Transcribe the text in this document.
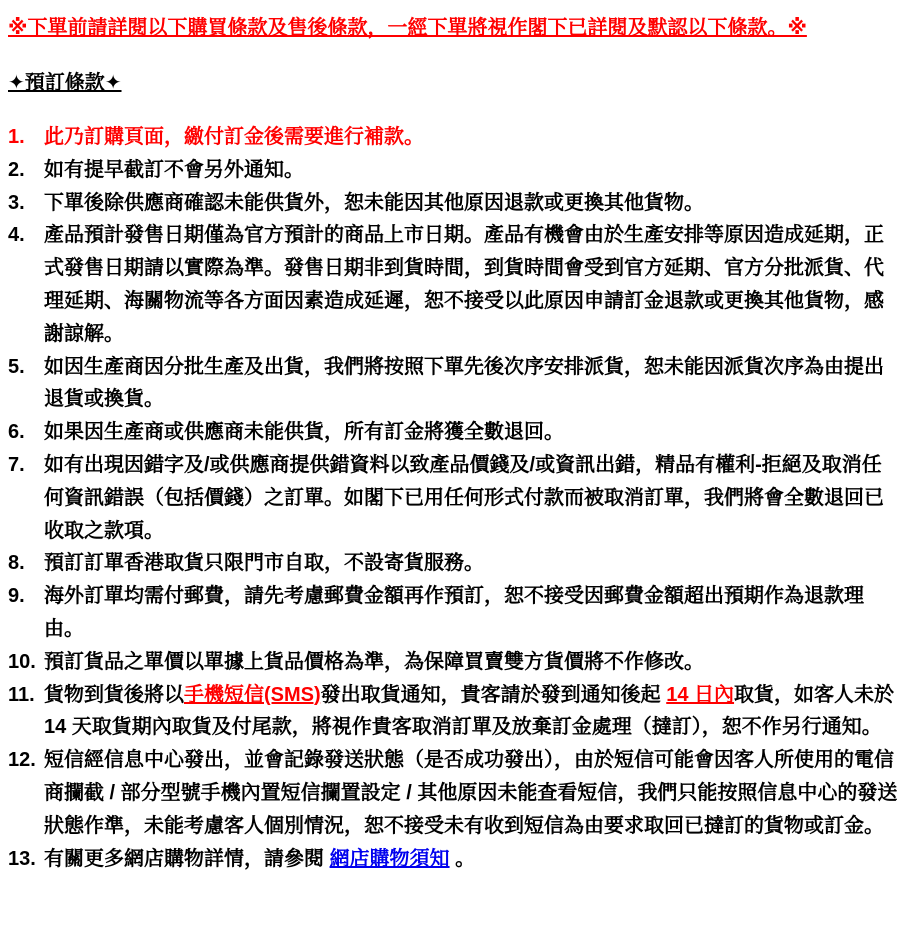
※下單前請詳閱以下購買條款及售後條款，一經下單將視作閣下已詳閱及默認以下條款。※
✦預訂條款✦
1. 此乃訂購頁面，繳付訂金後需要進行補款。
2. 如有提早截訂不會另外通知。
3. 下單後除供應商確認未能供貨外，恕未能因其他原因退款或更換其他貨物。
4. 產品預計發售日期僅為官方預計的商品上市日期。產品有機會由於生產安排等原因造成延期，正式發售日期請以實際為準。發售日期非到貨時間，到貨時間會受到官方延期、官方分批派貨、代理延期、海關物流等各方面因素造成延遲，恕不接受以此原因申請訂金退款或更換其他貨物，感謝諒解。
5. 如因生產商因分批生產及出貨，我們將按照下單先後次序安排派貨，恕未能因派貨次序為由提出退貨或換貨。
6. 如果因生產商或供應商未能供貨，所有訂金將獲全數退回。
7. 如有出現因錯字及/或供應商提供錯資料以致產品價錢及/或資訊出錯，精品有權利-拒絕及取消任何資訊錯誤（包括價錢）之訂單。如閣下已用任何形式付款而被取消訂單，我們將會全數退回已收取之款項。
8. 預訂訂單香港取貨只限門市自取，不設寄貨服務。
9. 海外訂單均需付郵費，請先考慮郵費金額再作預訂，恕不接受因郵費金額超出預期作為退款理由。
10. 預訂貨品之單價以單據上貨品價格為準，為保障買賣雙方貨價將不作修改。
11. 貨物到貨後將以手機短信(SMS)發出取貨通知，貴客請於發到通知後起 14 日內取貨，如客人未於 14 天取貨期內取貨及付尾款，將視作貴客取消訂單及放棄訂金處理（撻訂），恕不作另行通知。
12. 短信經信息中心發出，並會記錄發送狀態（是否成功發出），由於短信可能會因客人所使用的電信商攔截 / 部分型號手機內置短信攔置設定 / 其他原因未能查看短信，我們只能按照信息中心的發送狀態作準，未能考慮客人個別情況，恕不接受未有收到短信為由要求取回已撻訂的貨物或訂金。
13. 有關更多網店購物詳情，請參閱 網店購物須知 。
